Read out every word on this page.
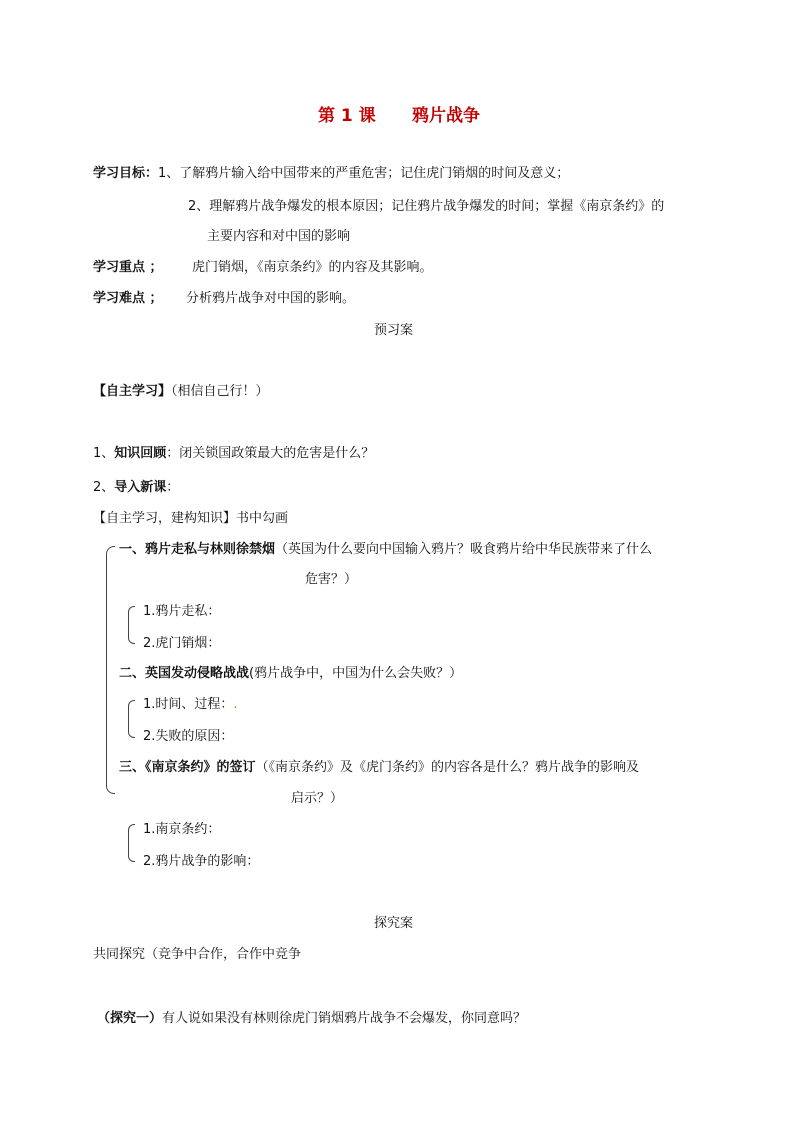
第 1 课 鸦片战争
学习目标：1、了解鸦片输入给中国带来的严重危害；记住虎门销烟的时间及意义；
2、理解鸦片战争爆发的根本原因；记住鸦片战争爆发的时间；掌握《南京条约》的
主要内容和对中国的影响
学习重点 ； 虎门销烟，《南京条约》的内容及其影响。
学习难点 ； 分析鸦片战争对中国的影响。
预习案
【自主学习】（相信自己行！）
1、知识回顾：闭关锁国政策最大的危害是什么？
2、导入新课：
【自主学习，建构知识】书中勾画
一、鸦片走私与林则徐禁烟（英国为什么要向中国输入鸦片？吸食鸦片给中华民族带来了什么
危害？）
1.鸦片走私：
2.虎门销烟：
二、英国发动侵略战战(鸦片战争中，中国为什么会失败？）
1.时间、过程：.
2.失败的原因：
三、《南京条约》的签订（《南京条约》及《虎门条约》的内容各是什么？鸦片战争的影响及
启示？）
1.南京条约：
2.鸦片战争的影响：
探究案
共同探究（竞争中合作，合作中竞争
（探究一）有人说如果没有林则徐虎门销烟鸦片战争不会爆发，你同意吗？
